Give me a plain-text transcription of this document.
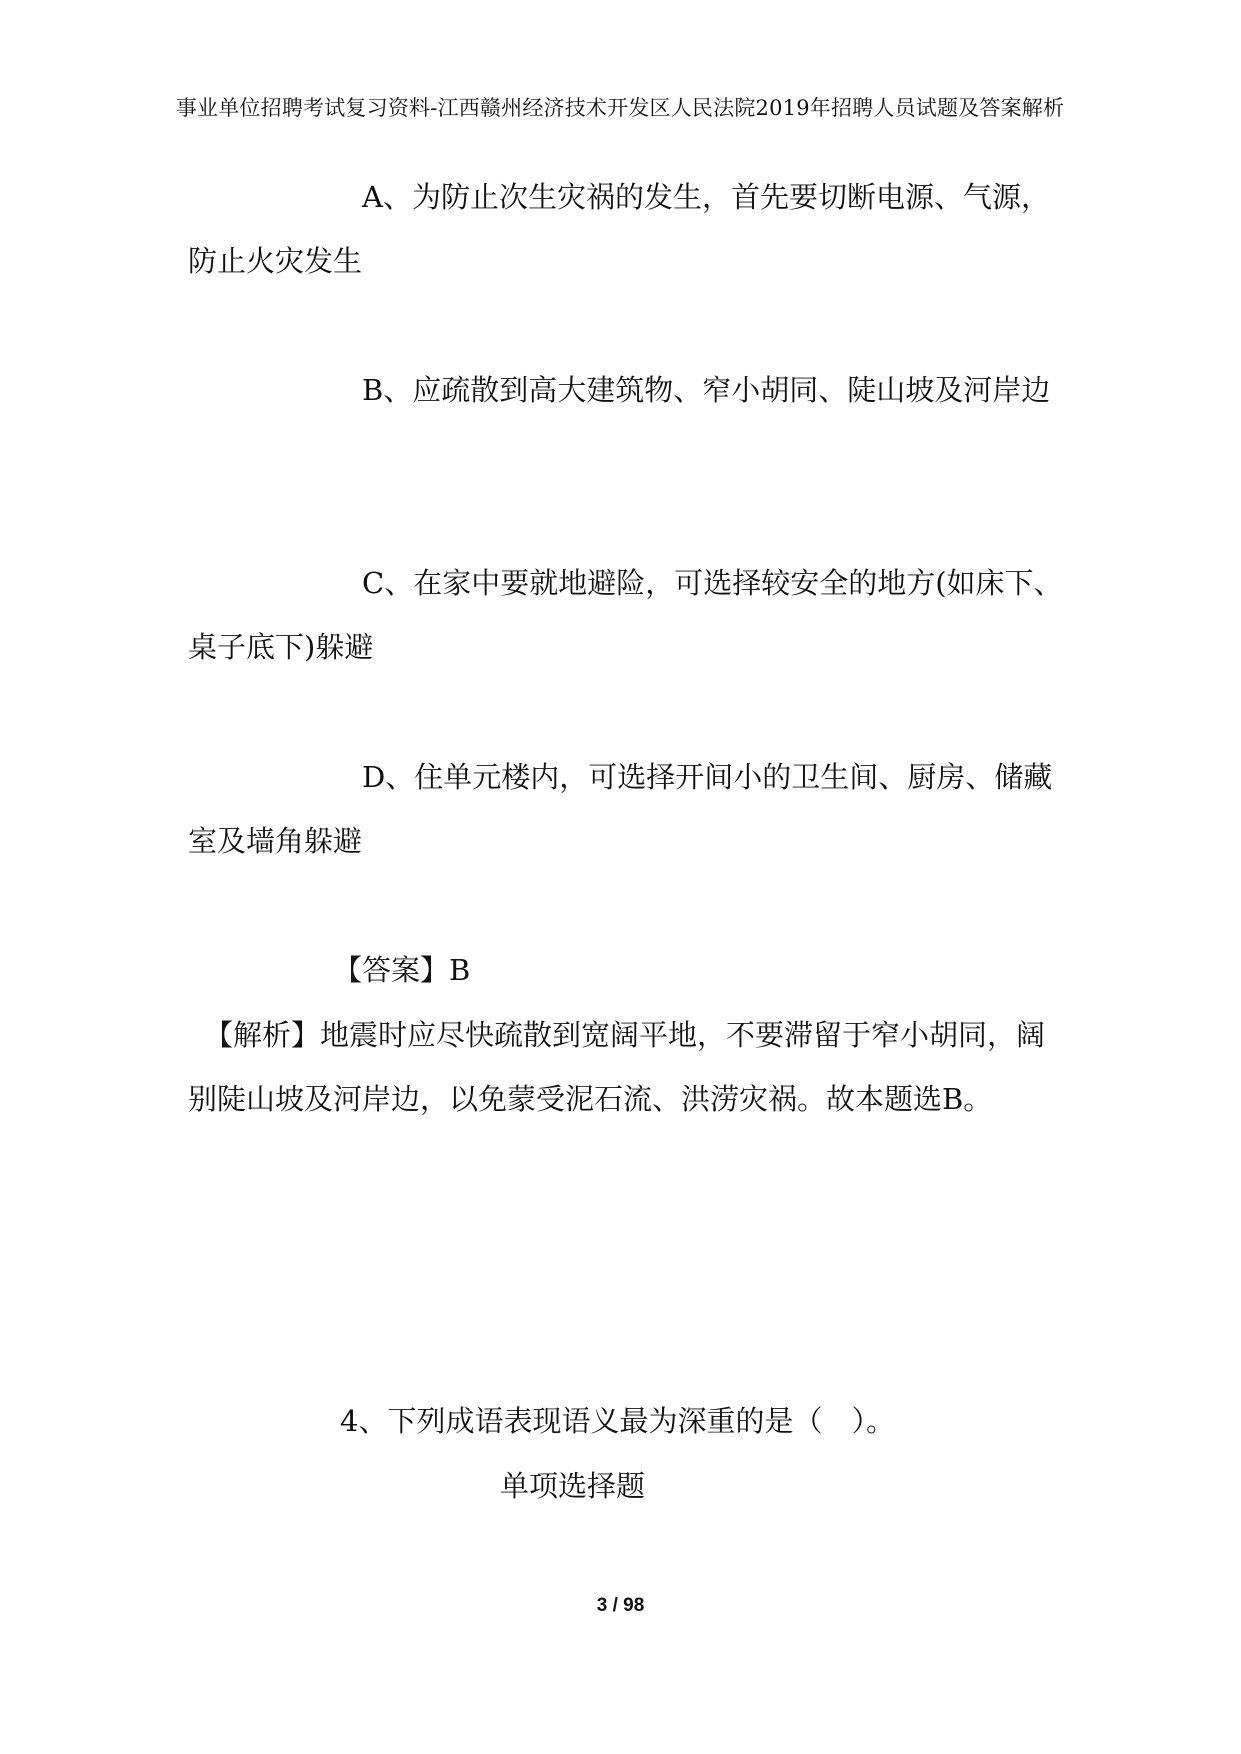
事业单位招聘考试复习资料-江西赣州经济技术开发区人民法院2019年招聘人员试题及答案解析
A、为防止次生灾祸的发生，首先要切断电源、气源，防止火灾发生
B、应疏散到高大建筑物、窄小胡同、陡山坡及河岸边
C、在家中要就地避险，可选择较安全的地方(如床下、桌子底下)躲避
D、住单元楼内，可选择开间小的卫生间、厨房、储藏室及墙角躲避
【答案】B
【解析】地震时应尽快疏散到宽阔平地，不要滞留于窄小胡同，阔别陡山坡及河岸边，以免蒙受泥石流、洪涝灾祸。故本题选B。
4、下列成语表现语义最为深重的是（　）。
单项选择题
3 / 98
